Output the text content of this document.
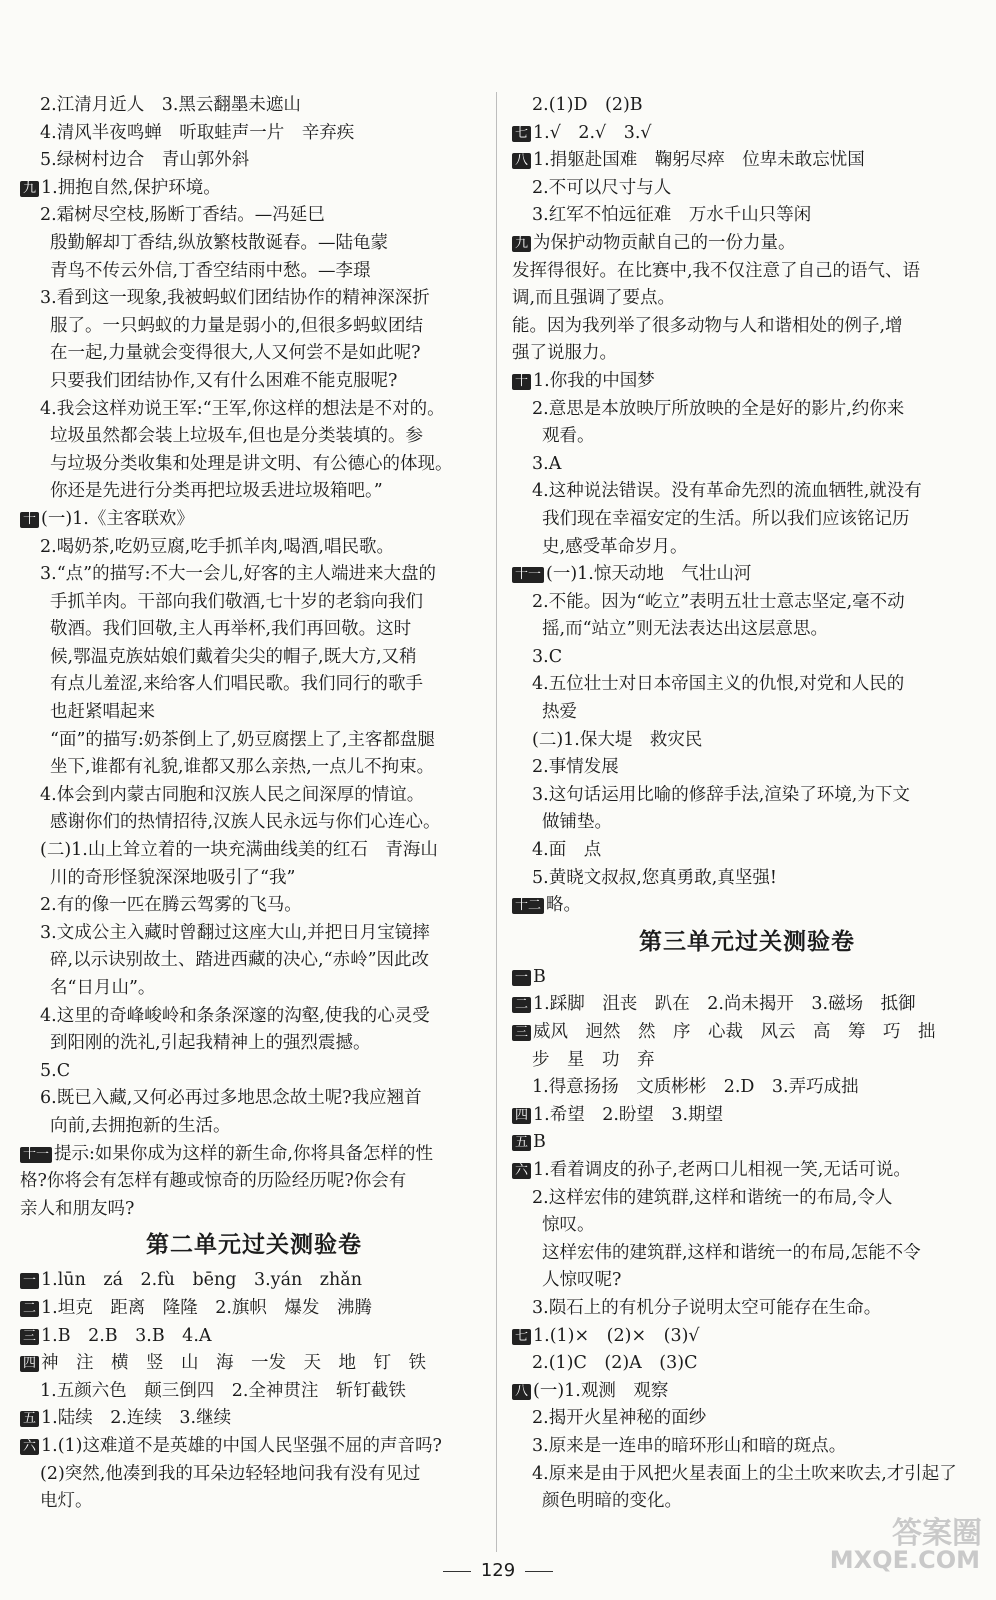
2.江清月近人　3.黑云翻墨未遮山
4.清风半夜鸣蝉　听取蛙声一片　辛弃疾
5.绿树村边合　青山郭外斜
九 1.拥抱自然,保护环境。
2.霜树尽空枝,肠断丁香结。—冯延巳
殷勤解却丁香结,纵放繁枝散诞春。—陆龟蒙
青鸟不传云外信,丁香空结雨中愁。—李璟
3.看到这一现象,我被蚂蚁们团结协作的精神深深折
服了。一只蚂蚁的力量是弱小的,但很多蚂蚁团结
在一起,力量就会变得很大,人又何尝不是如此呢?
只要我们团结协作,又有什么困难不能克服呢?
4.我会这样劝说王军:“王军,你这样的想法是不对的。
垃圾虽然都会装上垃圾车,但也是分类装填的。参
与垃圾分类收集和处理是讲文明、有公德心的体现。
你还是先进行分类再把垃圾丢进垃圾箱吧。”
十 (一)1.《主客联欢》
2.喝奶茶,吃奶豆腐,吃手抓羊肉,喝酒,唱民歌。
3.“点”的描写:不大一会儿,好客的主人端进来大盘的
手抓羊肉。干部向我们敬酒,七十岁的老翁向我们
敬酒。我们回敬,主人再举杯,我们再回敬。这时
候,鄂温克族姑娘们戴着尖尖的帽子,既大方,又稍
有点儿羞涩,来给客人们唱民歌。我们同行的歌手
也赶紧唱起来
“面”的描写:奶茶倒上了,奶豆腐摆上了,主客都盘腿
坐下,谁都有礼貌,谁都又那么亲热,一点儿不拘束。
4.体会到内蒙古同胞和汉族人民之间深厚的情谊。
感谢你们的热情招待,汉族人民永远与你们心连心。
(二)1.山上耸立着的一块充满曲线美的红石　青海山
川的奇形怪貌深深地吸引了“我”
2.有的像一匹在腾云驾雾的飞马。
3.文成公主入藏时曾翻过这座大山,并把日月宝镜摔
碎,以示诀别故土、踏进西藏的决心,“赤岭”因此改
名“日月山”。
4.这里的奇峰峻岭和条条深邃的沟壑,使我的心灵受
到阳刚的洗礼,引起我精神上的强烈震撼。
5.C
6.既已入藏,又何必再过多地思念故土呢?我应翘首
向前,去拥抱新的生活。
十一 提示:如果你成为这样的新生命,你将具备怎样的性
格?你将会有怎样有趣或惊奇的历险经历呢?你会有
亲人和朋友吗?
第二单元过关测验卷
一 1.lūn　zá　2.fù　bēng　3.yán　zhǎn
二 1.坦克　距离　隆隆　2.旗帜　爆发　沸腾
三 1.B　2.B　3.B　4.A
四 神　注　横　竖　山　海　一发　天　地　钉　铁
1.五颜六色　颠三倒四　2.全神贯注　斩钉截铁
五 1.陆续　2.连续　3.继续
六 1.(1)这难道不是英雄的中国人民坚强不屈的声音吗?
(2)突然,他凑到我的耳朵边轻轻地问我有没有见过
电灯。
2.(1)D　(2)B
七 1.√　2.√　3.√
八 1.捐躯赴国难　鞠躬尽瘁　位卑未敢忘忧国
2.不可以尺寸与人
3.红军不怕远征难　万水千山只等闲
九 为保护动物贡献自己的一份力量。
发挥得很好。在比赛中,我不仅注意了自己的语气、语
调,而且强调了要点。
能。因为我列举了很多动物与人和谐相处的例子,增
强了说服力。
十 1.你我的中国梦
2.意思是本放映厅所放映的全是好的影片,约你来
观看。
3.A
4.这种说法错误。没有革命先烈的流血牺牲,就没有
我们现在幸福安定的生活。所以我们应该铭记历
史,感受革命岁月。
十一 (一)1.惊天动地　气壮山河
2.不能。因为“屹立”表明五壮士意志坚定,毫不动
摇,而“站立”则无法表达出这层意思。
3.C
4.五位壮士对日本帝国主义的仇恨,对党和人民的
热爱
(二)1.保大堤　救灾民
2.事情发展
3.这句话运用比喻的修辞手法,渲染了环境,为下文
做铺垫。
4.面　点
5.黄晓文叔叔,您真勇敢,真坚强!
十二 略。
第三单元过关测验卷
一 B
二 1.踩脚　沮丧　趴在　2.尚未揭开　3.磁场　抵御
三 威风　迥然　然　序　心裁　风云　高　筹　巧　拙
步　星　功　弃
1.得意扬扬　文质彬彬　2.D　3.弄巧成拙
四 1.希望　2.盼望　3.期望
五 B
六 1.看着调皮的孙子,老两口儿相视一笑,无话可说。
2.这样宏伟的建筑群,这样和谐统一的布局,令人
惊叹。
这样宏伟的建筑群,这样和谐统一的布局,怎能不令
人惊叹呢?
3.陨石上的有机分子说明太空可能存在生命。
七 1.(1)×　(2)×　(3)√
2.(1)C　(2)A　(3)C
八 (一)1.观测　观察
2.揭开火星神秘的面纱
3.原来是一连串的暗环形山和暗的斑点。
4.原来是由于风把火星表面上的尘土吹来吹去,才引起了
颜色明暗的变化。
129
答案圈
MXQE.COM
